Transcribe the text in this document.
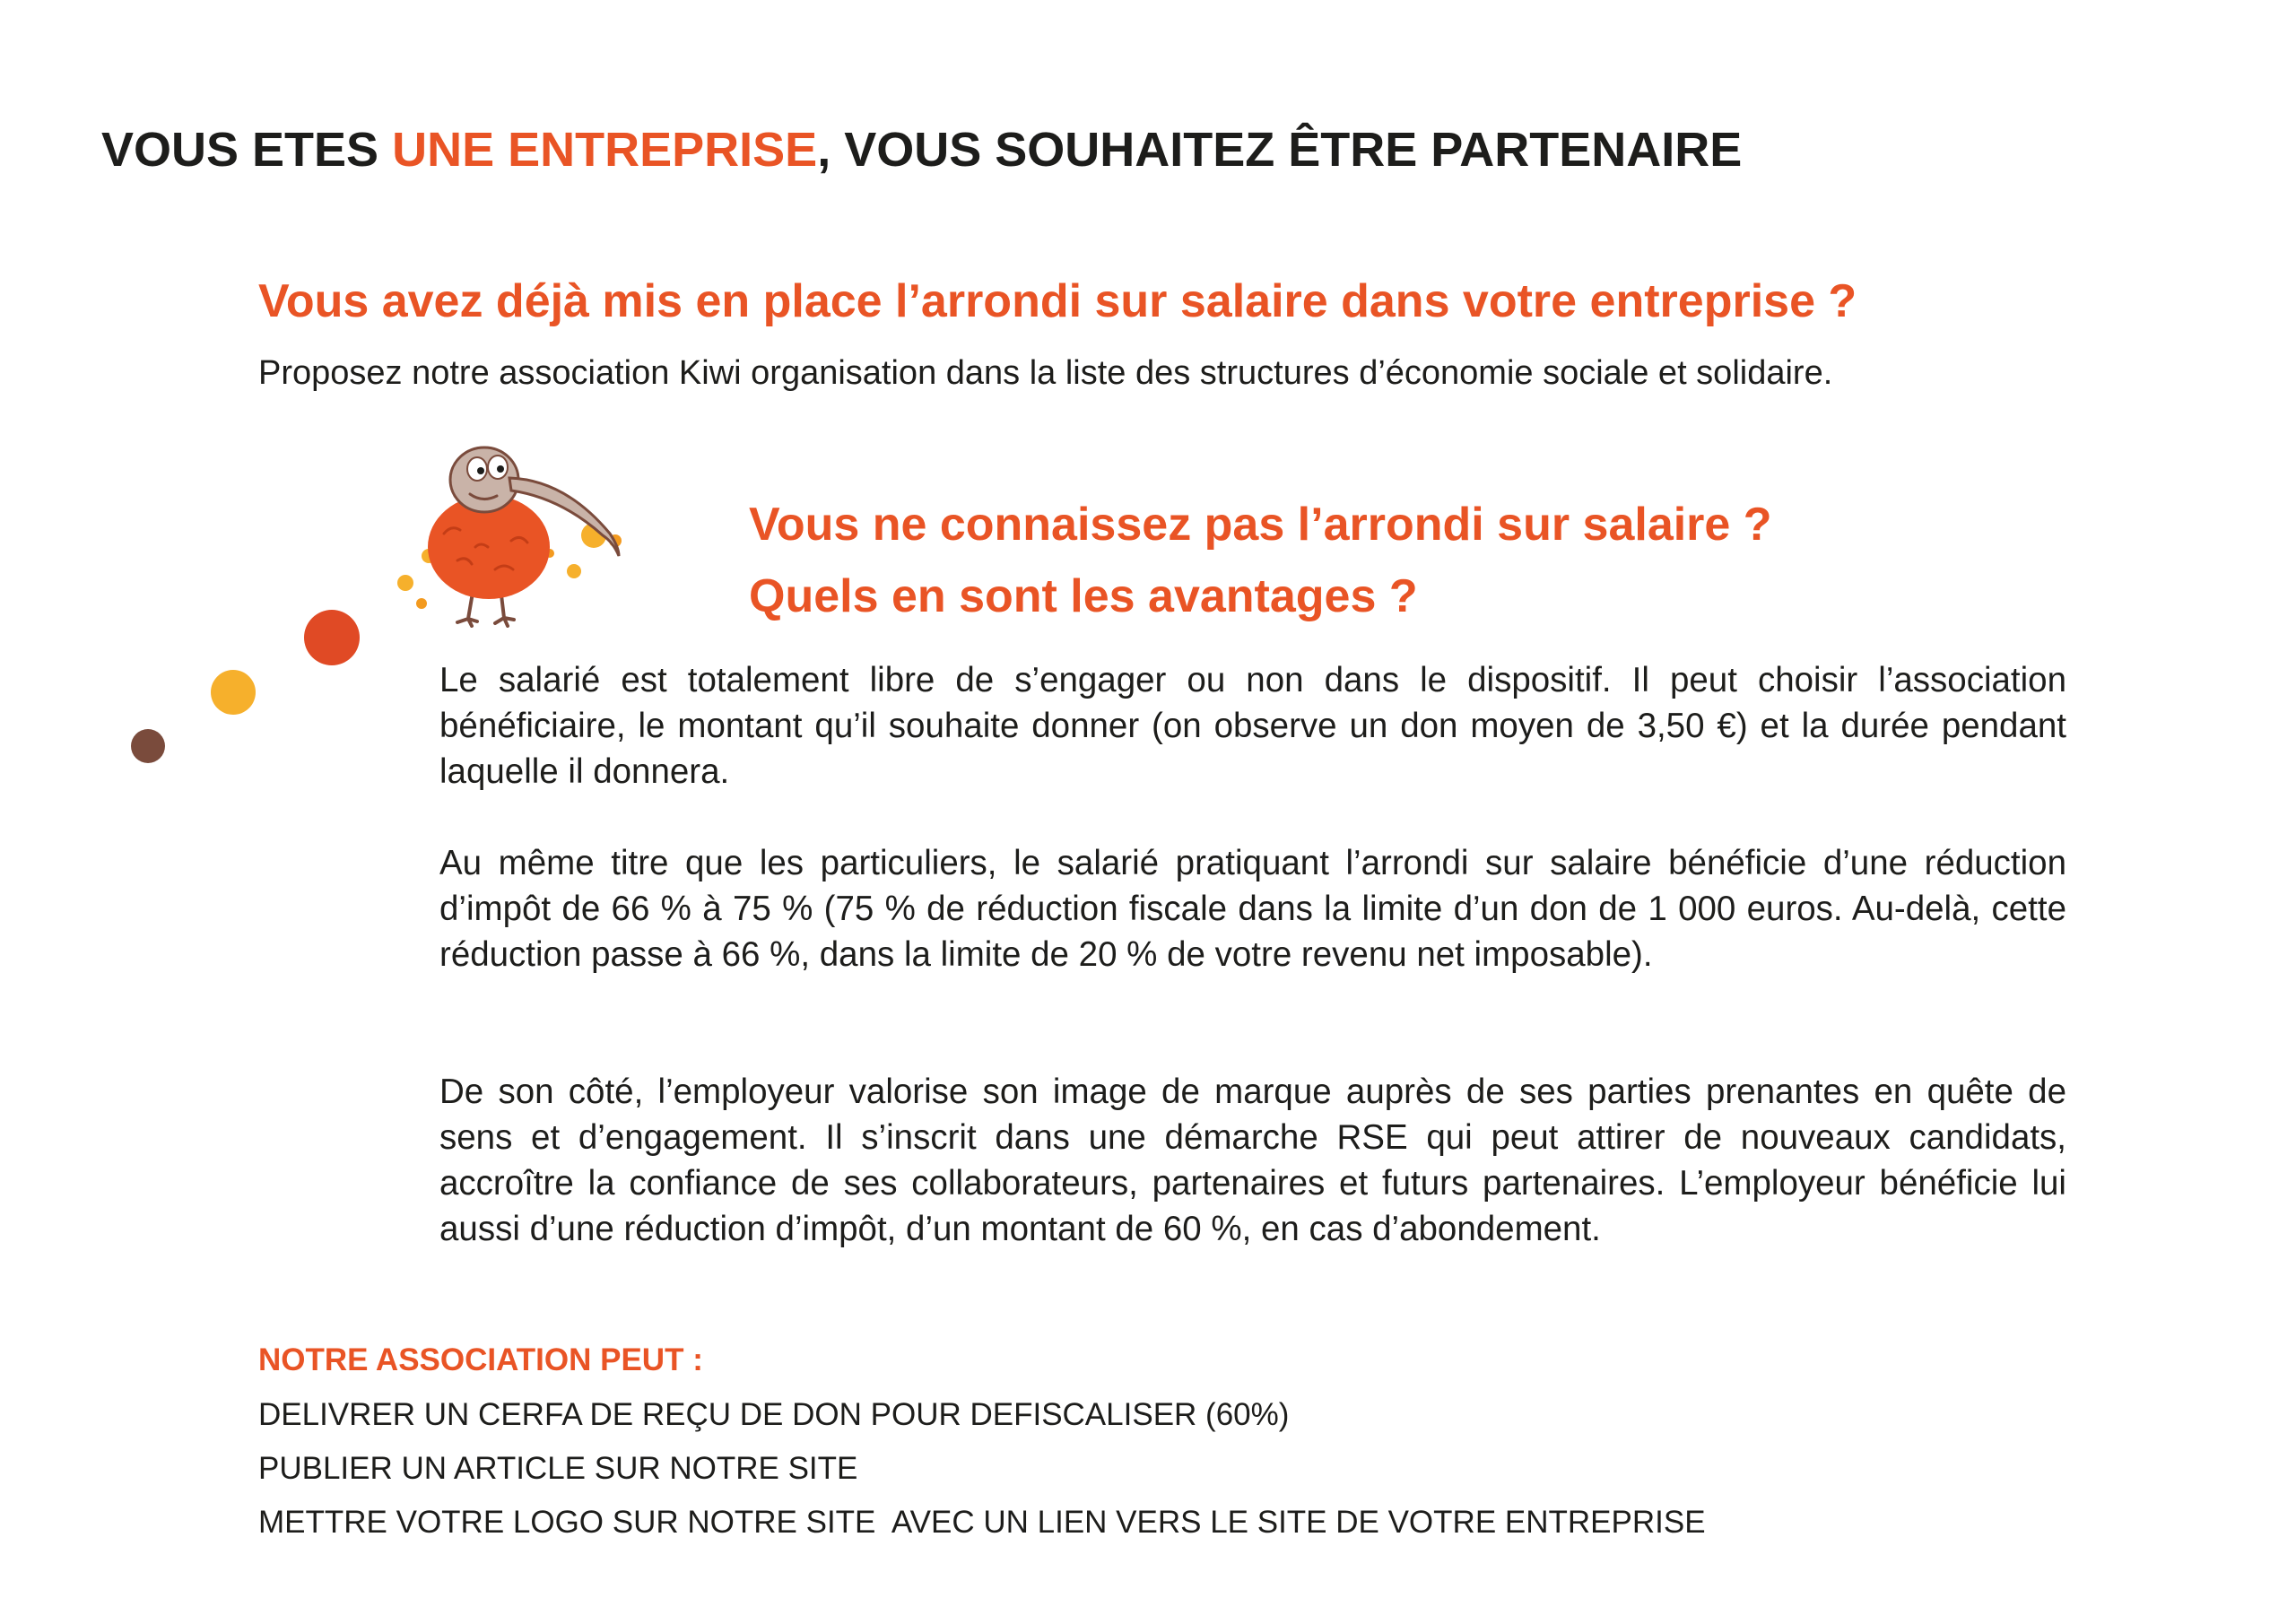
VOUS ETES UNE ENTREPRISE, VOUS SOUHAITEZ ÊTRE PARTENAIRE
Vous avez déjà mis en place l’arrondi sur salaire dans votre entreprise ?

Proposez notre association Kiwi organisation dans la liste des structures d’économie sociale et solidaire.

Vous ne connaissez pas l’arrondi sur salaire ?
Quels en sont les avantages ?

Le salarié est totalement libre de s’engager ou non dans le dispositif. Il peut choisir l’association bénéficiaire, le montant qu’il souhaite donner (on observe un don moyen de 3,50 €) et la durée pendant laquelle il donnera.

Au même titre que les particuliers, le salarié pratiquant l’arrondi sur salaire bénéficie d’une réduction d’impôt de 66 % à 75 % (75 % de réduction fiscale dans la limite d’un don de 1 000 euros. Au-delà, cette réduction passe à 66 %, dans la limite de 20 % de votre revenu net imposable).

De son côté, l’employeur valorise son image de marque auprès de ses parties prenantes en quête de sens et d’engagement. Il s’inscrit dans une démarche RSE qui peut attirer de nouveaux candidats, accroître la confiance de ses collaborateurs, partenaires et futurs partenaires. L’employeur bénéficie lui aussi d’une réduction d’impôt, d’un montant de 60 %, en cas d’abondement.

NOTRE ASSOCIATION PEUT :

DELIVRER UN CERFA DE REÇU DE DON POUR DEFISCALISER (60%)

PUBLIER UN ARTICLE SUR NOTRE SITE

METTRE VOTRE LOGO SUR NOTRE SITE  AVEC UN LIEN VERS LE SITE DE VOTRE ENTREPRISE
